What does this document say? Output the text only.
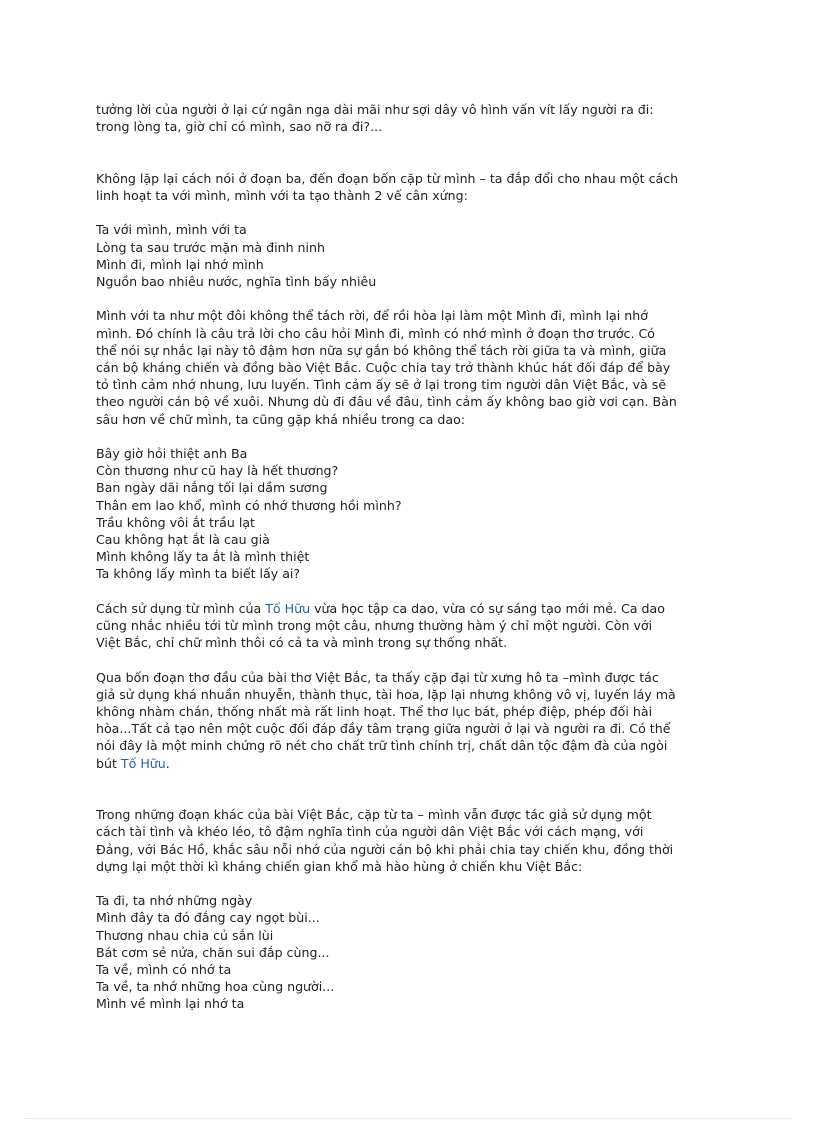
tưởng lời của người ở lại cứ ngân nga dài mãi như sợi dây vô hình vấn vít lấy người ra đi:
trong lòng ta, giờ chỉ có mình, sao nỡ ra đi?...

Không lặp lại cách nói ở đoạn ba, đến đoạn bốn cặp từ mình – ta đắp đổi cho nhau một cách
linh hoạt ta với mình, mình với ta tạo thành 2 vế cân xứng:

Ta với mình, mình với ta
Lòng ta sau trước mặn mà đinh ninh
Mình đi, mình lại nhớ mình
Nguồn bao nhiêu nước, nghĩa tình bấy nhiêu

Mình với ta như một đôi không thể tách rời, để rồi hòa lại làm một Mình đi, mình lại nhớ
mình. Đó chính là câu trả lời cho câu hỏi Mình đi, mình có nhớ mình ở đoạn thơ trước. Có
thể nói sự nhắc lại này tô đậm hơn nữa sự gắn bó không thể tách rời giữa ta và mình, giữa
cán bộ kháng chiến và đồng bào Việt Bắc. Cuộc chia tay trở thành khúc hát đối đáp để bày
tỏ tình cảm nhớ nhung, lưu luyến. Tình cảm ấy sẽ ở lại trong tim người dân Việt Bắc, và sẽ
theo người cán bộ về xuôi. Nhưng dù đi đâu về đâu, tình cảm ấy không bao giờ vơi cạn. Bàn
sâu hơn về chữ mình, ta cũng gặp khá nhiều trong ca dao:

Bây giờ hỏi thiệt anh Ba
Còn thương như cũ hay là hết thương?
Ban ngày dãi nắng tối lại dầm sương
Thân em lao khổ, mình có nhớ thương hồi mình?
Trầu không vôi ắt trầu lạt
Cau không hạt ắt là cau già
Mình không lấy ta ắt là mình thiệt
Ta không lấy mình ta biết lấy ai?

Cách sử dụng từ mình của Tố Hữu vừa học tập ca dao, vừa có sự sáng tạo mới mẻ. Ca dao
cũng nhắc nhiều tới từ mình trong một câu, nhưng thường hàm ý chỉ một người. Còn với
Việt Bắc, chỉ chữ mình thôi có cả ta và mình trong sự thống nhất.

Qua bốn đoạn thơ đầu của bài thơ Việt Bắc, ta thấy cặp đại từ xưng hô ta –mình được tác
giả sử dụng khá nhuần nhuyễn, thành thục, tài hoa, lặp lại nhưng không vô vị, luyến láy mà
không nhàm chán, thống nhất mà rất linh hoạt. Thể thơ lục bát, phép điệp, phép đối hài
hòa...Tất cả tạo nên một cuộc đối đáp đầy tâm trạng giữa người ở lại và người ra đi. Có thể
nói đây là một minh chứng rõ nét cho chất trữ tình chính trị, chất dân tộc đậm đà của ngòi
bút Tố Hữu.

Trong những đoạn khác của bài Việt Bắc, cặp từ ta – mình vẫn được tác giả sử dụng một
cách tài tình và khéo léo, tô đậm nghĩa tình của người dân Việt Bắc với cách mạng, với
Đảng, với Bác Hồ, khắc sâu nỗi nhớ của người cán bộ khi phải chia tay chiến khu, đồng thời
dựng lại một thời kì kháng chiến gian khổ mà hào hùng ở chiến khu Việt Bắc:

Ta đi, ta nhớ những ngày
Mình đây ta đó đắng cay ngọt bùi...
Thương nhau chia củ sắn lùi
Bát cơm sẻ nửa, chăn sui đắp cùng...
Ta về, mình có nhớ ta
Ta về, ta nhớ những hoa cùng người...
Mình về mình lại nhớ ta
